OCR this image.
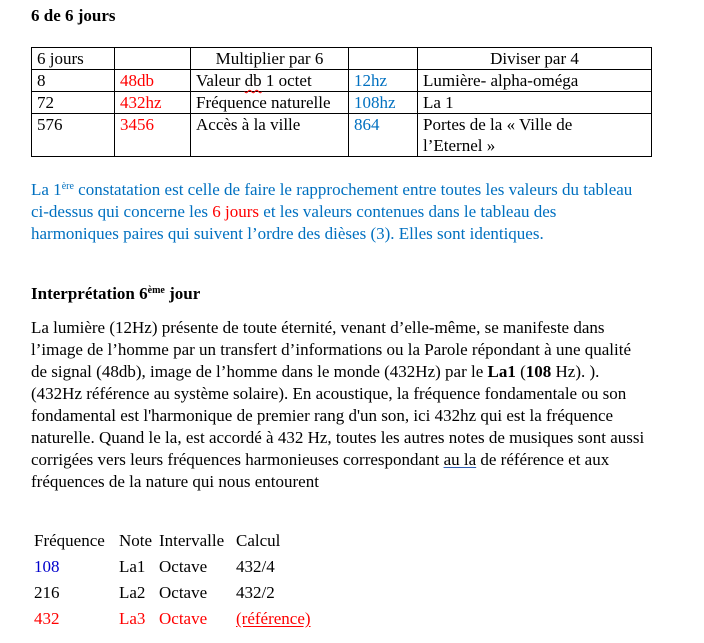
6 de 6 jours
6 jours		Multiplier par 6		Diviser par 4
8	48db	Valeur db 1 octet	12hz	Lumière- alpha-oméga
72	432hz	Fréquence naturelle	108hz	La 1
576	3456	Accès à la ville	864	Portes de la « Ville de
l’Eternel »
La 1ère constatation est celle de faire le rapprochement entre toutes les valeurs du tableau ci-dessus qui concerne les 6 jours et les valeurs contenues dans le tableau des harmoniques paires qui suivent l’ordre des dièses (3). Elles sont identiques.
Interprétation 6ème jour
La lumière (12Hz) présente de toute éternité, venant d’elle-même, se manifeste dans l’image de l’homme par un transfert d’informations ou la Parole répondant à une qualité de signal (48db), image de l’homme dans le monde (432Hz) par le La1 (108 Hz). ). (432Hz référence au système solaire). En acoustique, la fréquence fondamentale ou son fondamental est l'harmonique de premier rang d'un son, ici 432hz qui est la fréquence naturelle. Quand le la, est accordé à 432 Hz, toutes les autres notes de musiques sont aussi corrigées vers leurs fréquences harmonieuses correspondant au la de référence et aux fréquences de la nature qui nous entourent
Fréquence	Note	Intervalle	Calcul
108	La1	Octave	432/4
216	La2	Octave	432/2
432	La3	Octave	(référence)
